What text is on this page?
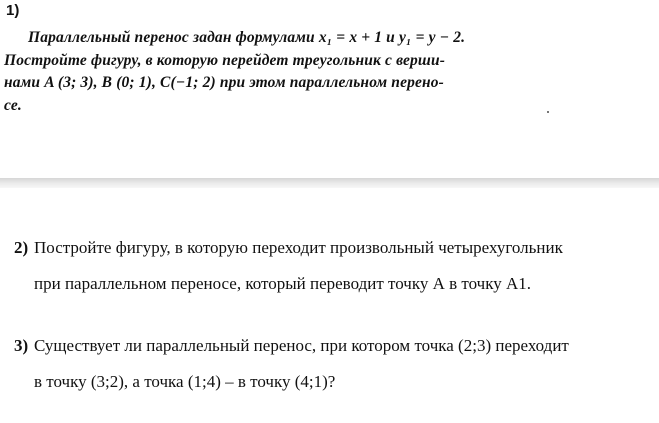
1)
Параллельный перенос задан формулами x₁ = x + 1 и y₁ = y − 2.
Постройте фигуру, в которую перейдет треугольник с верши-
нами A (3; 3), B (0; 1), C(−1; 2) при этом параллельном перено-
се.
2) Постройте фигуру, в которую переходит произвольный четырехугольник
при параллельном переносе, который переводит точку А в точку А1.
3) Существует ли параллельный перенос, при котором точка (2;3) переходит
в точку (3;2), а точка (1;4) – в точку (4;1)?
